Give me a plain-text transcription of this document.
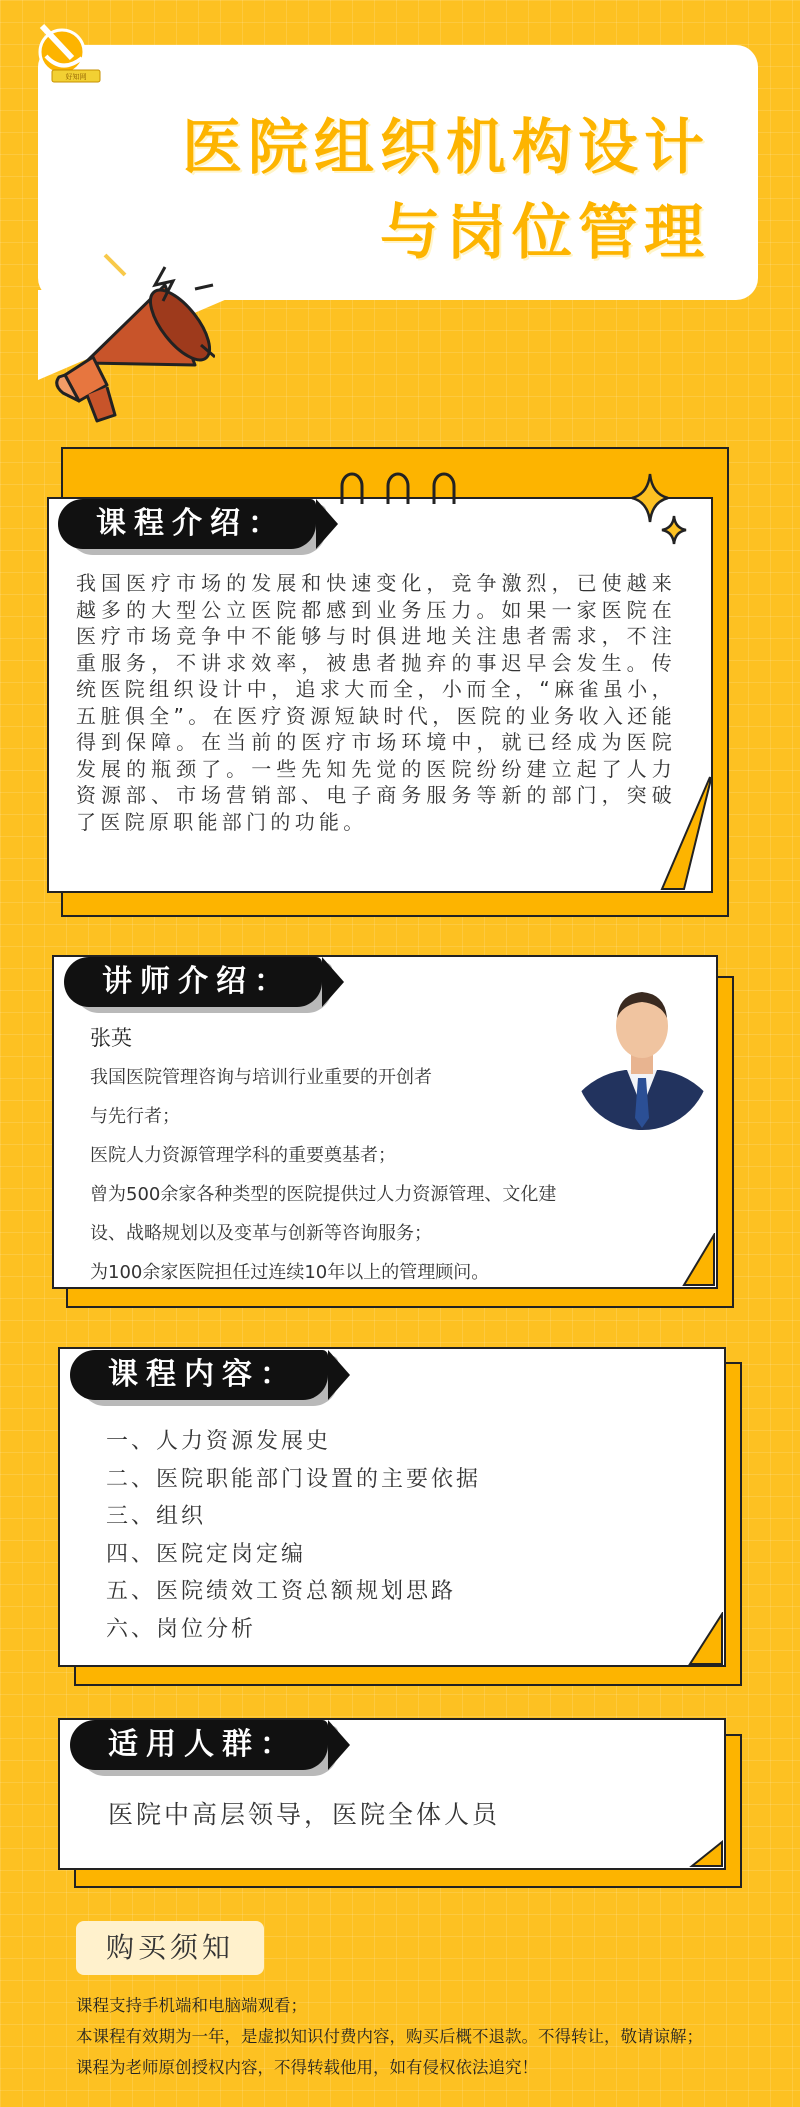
好知网
医院组织机构设计
与岗位管理
课程介绍：
我国医疗市场的发展和快速变化，竞争激烈，已使越来越多的大型公立医院都感到业务压力。如果一家医院在医疗市场竞争中不能够与时俱进地关注患者需求，不注重服务，不讲求效率，被患者抛弃的事迟早会发生。传统医院组织设计中，追求大而全，小而全，“麻雀虽小，五脏俱全”。在医疗资源短缺时代，医院的业务收入还能得到保障。在当前的医疗市场环境中，就已经成为医院发展的瓶颈了。一些先知先觉的医院纷纷建立起了人力资源部、市场营销部、电子商务服务等新的部门，突破了医院原职能部门的功能。
讲师介绍：
张英
我国医院管理咨询与培训行业重要的开创者
与先行者；
医院人力资源管理学科的重要奠基者；
曾为500余家各种类型的医院提供过人力资源管理、文化建
设、战略规划以及变革与创新等咨询服务；
为100余家医院担任过连续10年以上的管理顾问。
课程内容：
一、人力资源发展史
二、医院职能部门设置的主要依据
三、组织
四、医院定岗定编
五、医院绩效工资总额规划思路
六、岗位分析
适用人群：
医院中高层领导，医院全体人员
购买须知
课程支持手机端和电脑端观看；
本课程有效期为一年，是虚拟知识付费内容，购买后概不退款。不得转让，敬请谅解；
课程为老师原创授权内容，不得转载他用，如有侵权依法追究！
